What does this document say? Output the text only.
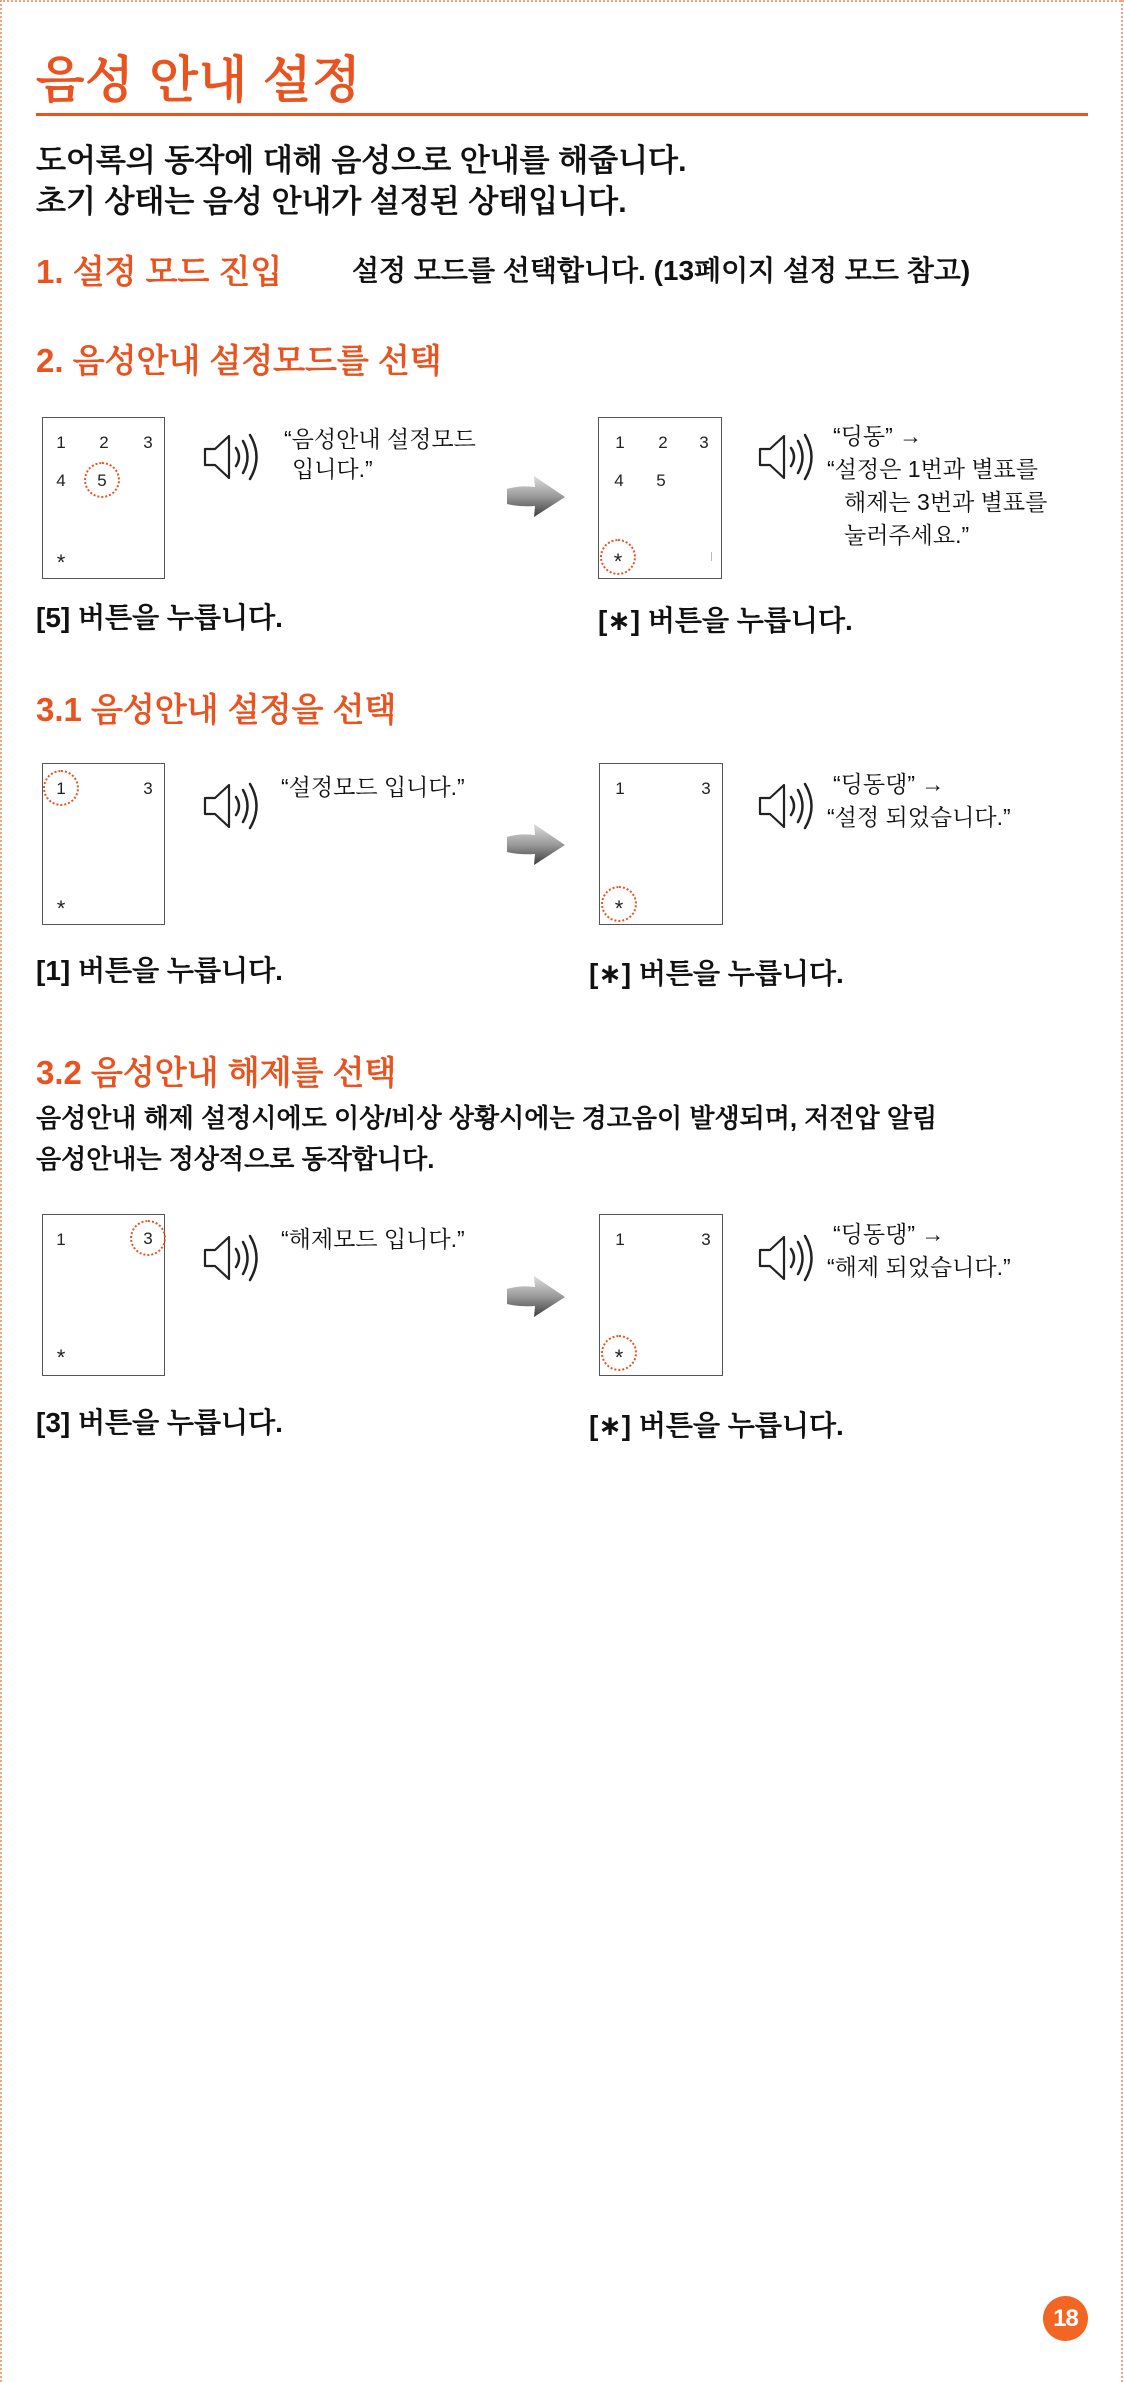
음성 안내 설정
도어록의 동작에 대해 음성으로 안내를 해줍니다.
초기 상태는 음성 안내가 설정된 상태입니다.
1. 설정 모드 진입 설정 모드를 선택합니다. (13페이지 설정 모드 참고)
2. 음성안내 설정모드를 선택
1	2	3
4	5
*
“음성안내 설정모드
입니다.”
1	2	3
4	5
*
“딩동” →
“설정은 1번과 별표를
해제는 3번과 별표를
눌러주세요.”
[5] 버튼을 누릅니다.	[∗] 버튼을 누릅니다.
3.1 음성안내 설정을 선택
1	3
*
“설정모드 입니다.”	1	3
*
“딩동댕” →
“설정 되었습니다.”
[1] 버튼을 누릅니다.	[∗] 버튼을 누릅니다.
3.2 음성안내 해제를 선택
음성안내 해제 설정시에도 이상/비상 상황시에는 경고음이 발생되며, 저전압 알림
음성안내는 정상적으로 동작합니다.
1	3
*
“해제모드 입니다.”	1	3
*
“딩동댕” →
“해제 되었습니다.”
[3] 버튼을 누릅니다.	[∗] 버튼을 누릅니다.
18
